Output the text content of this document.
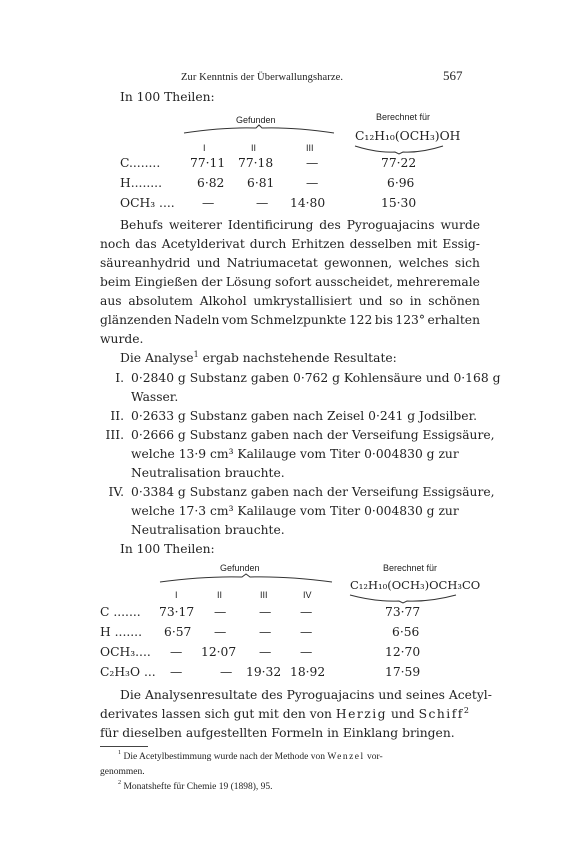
Zur Kenntnis der Überwallungsharze.	567
In 100 Theilen:
Gefunden	Berechnet für
C₁₂H₁₀(OCH₃)OH
I	II	III
C........ 77·11 77·18	—	77·22
H........	6·82 6·81	—	6·96
OCH₃ .... —	— 14·80	15·30
Behufs weiterer Identificirung des Pyroguajacins wurde
noch das Acetylderivat durch Erhitzen desselben mit Essig-
säureanhydrid und Natriumacetat gewonnen, welches sich
beim Eingießen der Lösung sofort ausscheidet, mehreremale
aus absolutem Alkohol umkrystallisiert und so in schönen
glänzenden Nadeln vom Schmelzpunkte 122 bis 123° erhalten
wurde.
Die Analyse$^1$ ergab nachstehende Resultate:
I. 0·2840 g Substanz gaben 0·762 g Kohlensäure und 0·168 g
Wasser.
II. 0·2633 g Substanz gaben nach Zeisel 0·241 g Jodsilber.
III. 0·2666 g Substanz gaben nach der Verseifung Essigsäure,
welche 13·9 cm³ Kalilauge vom Titer 0·004830 g zur
Neutralisation brauchte.
IV. 0·3384 g Substanz gaben nach der Verseifung Essigsäure,
welche 17·3 cm³ Kalilauge vom Titer 0·004830 g zur
Neutralisation brauchte.
In 100 Theilen:
Gefunden	Berechnet für
C₁₂H₁₀(OCH₃)OCH₃CO
I	II	III	IV
C ....... 73·17 —	— —	73·77
H ....... 6·57 —	— —	6·56
OCH₃.... — 12·07 — —	12·70
C₂H₃O ... —	— 19·32 18·92	17·59
Die Analysenresultate des Pyroguajacins und seines Acetyl-
derivates lassen sich gut mit den von Herzig und Schiff$^2$
für dieselben aufgestellten Formeln in Einklang bringen.
$^1$ Die Acetylbestimmung wurde nach der Methode von Wenzel vor-
genommen.
$^2$ Monatshefte für Chemie 19 (1898), 95.
